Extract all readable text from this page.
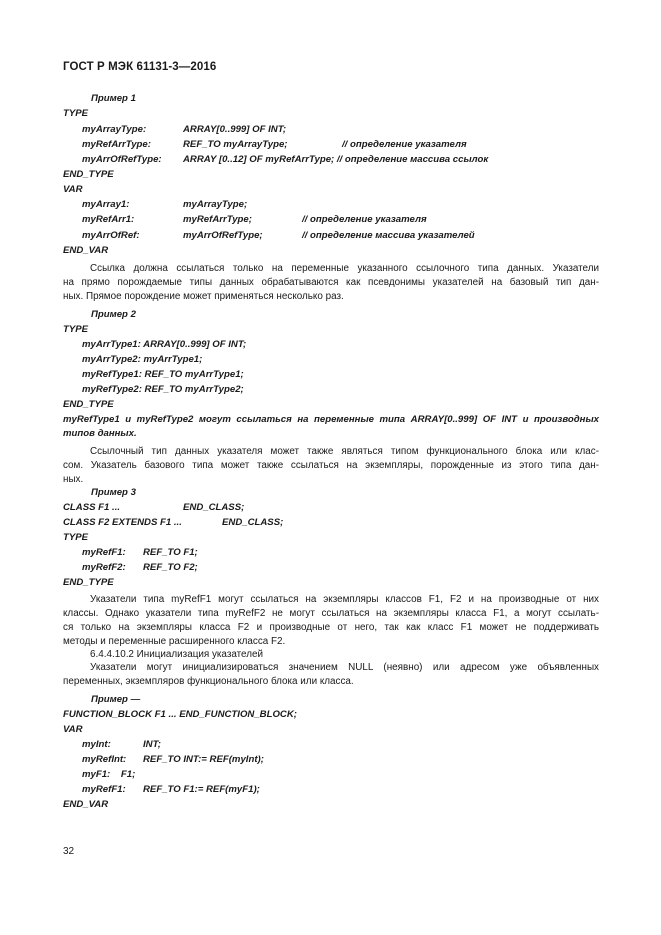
ГОСТ Р МЭК 61131-3—2016
Пример 1
TYPE
myArrayType:	ARRAY[0..999] OF INT;
myRefArrType:	REF_TO myArrayType;	// определение указателя
myArrOfRefType: ARRAY [0..12] OF myRefArrType; // определение массива ссылок
END_TYPE
VAR
myArray1:	myArrayType;
myRefArr1:	myRefArrType;	// определение указателя
myArrOfRef:	myArrOfRefType;	// определение массива указателей
END_VAR
Ссылка должна ссылаться только на переменные указанного ссылочного типа данных. Указатели
на прямо порождаемые типы данных обрабатываются как псевдонимы указателей на базовый тип дан-
ных. Прямое порождение может применяться несколько раз.
Пример 2
TYPE
myArrType1: ARRAY[0..999] OF INT;
myArrType2: myArrType1;
myRefType1: REF_TO myArrType1;
myRefType2: REF_TO myArrType2;
END_TYPE
myRefType1 и myRefType2 могут ссылаться на переменные типа ARRAY[0..999] OF INT и производных
типов данных.
Ссылочный тип данных указателя может также являться типом функционального блока или клас-
сом. Указатель базового типа может также ссылаться на экземпляры, порожденные из этого типа дан-
ных.
Пример 3
CLASS F1 ...	END_CLASS;
CLASS F2 EXTENDS F1 ...	END_CLASS;
TYPE
myRefF1: REF_TO F1;
myRefF2: REF_TO F2;
END_TYPE
Указатели типа myRefF1 могут ссылаться на экземпляры классов F1, F2 и на производные от них
классы. Однако указатели типа myRefF2 не могут ссылаться на экземпляры класса F1, а могут ссылать-
ся только на экземпляры класса F2 и производные от него, так как класс F1 может не поддерживать
методы и переменные расширенного класса F2.
6.4.4.10.2 Инициализация указателей
Указатели могут инициализироваться значением NULL (неявно) или адресом уже объявленных
переменных, экземпляров функционального блока или класса.
Пример —
FUNCTION_BLOCK F1 ... END_FUNCTION_BLOCK;
VAR
myInt:	INT;
myRefInt: REF_TO INT:= REF(myInt);
myF1:    F1;
myRefF1: REF_TO F1:= REF(myF1);
END_VAR
32
